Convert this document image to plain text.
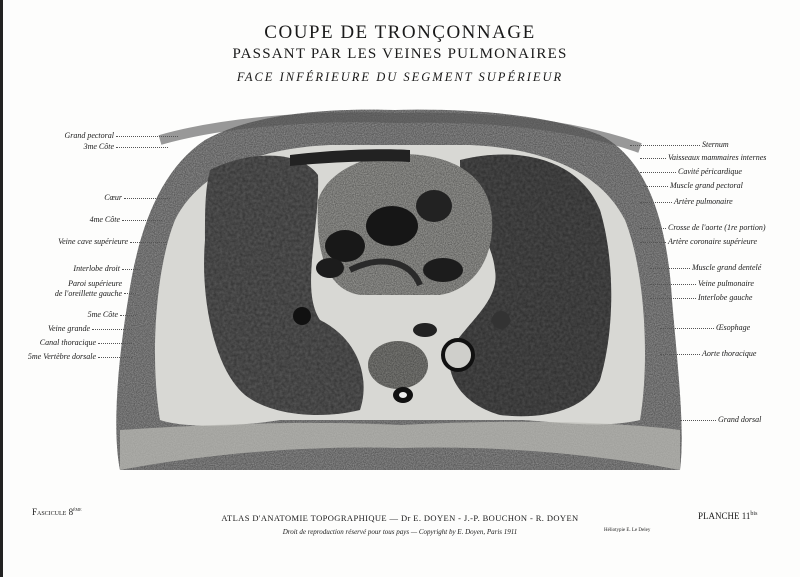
COUPE DE TRONÇONNAGE
PASSANT PAR LES VEINES PULMONAIRES
FACE INFÉRIEURE DU SEGMENT SUPÉRIEUR
Grand pectoral
3me Côte
Cœur
4me Côte
Veine cave supérieure
Interlobe droit
Paroi supérieure
de l'oreillette gauche
5me Côte
Veine grande
Canal thoracique
5me Vertèbre dorsale
Sternum
Vaisseaux mammaires internes
Cavité péricardique
Muscle grand pectoral
Artère pulmonaire
Crosse de l'aorte (1re portion)
Artère coronaire supérieure
Muscle grand dentelé
Veine pulmonaire
Interlobe gauche
Œsophage
Aorte thoracique
Grand dorsal
Fascicule 8ème
ATLAS D'ANATOMIE TOPOGRAPHIQUE — Dr E. DOYEN - J.-P. BOUCHON - R. DOYEN
Droit de reproduction réservé pour tous pays — Copyright by E. Doyen, Paris 1911	Héliotypie E. Le Deley
PLANCHE $11^{bis}$
